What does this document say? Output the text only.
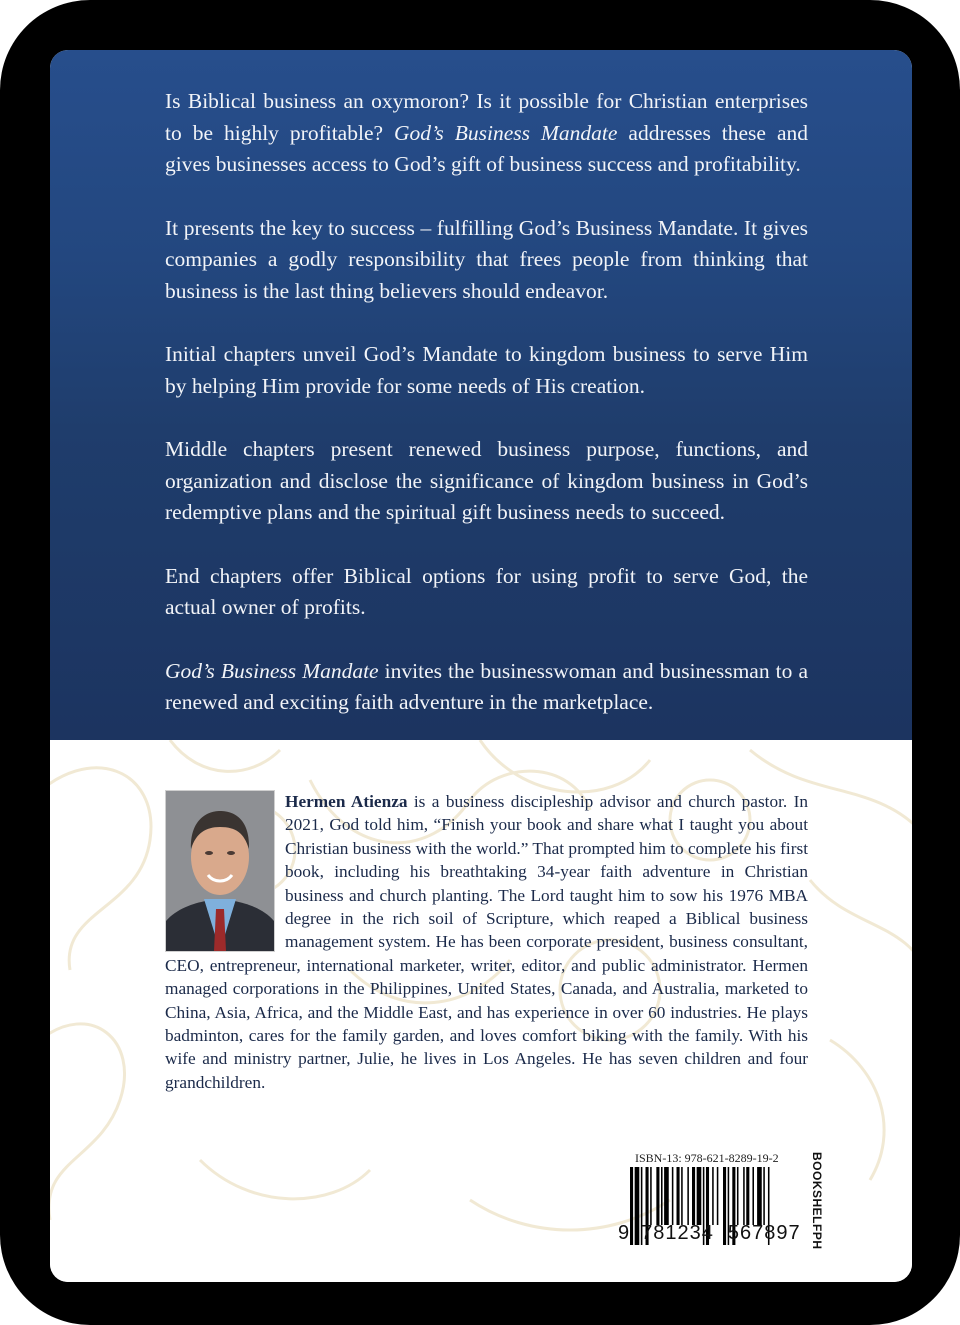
Is Biblical business an oxymoron? Is it possible for Christian enterprises to be highly profitable? God’s Business Mandate addresses these and gives businesses access to God’s gift of business success and profitability.

It presents the key to success – fulfilling God’s Business Mandate. It gives companies a godly responsibility that frees people from thinking that business is the last thing believers should endeavor.

Initial chapters unveil God’s Mandate to kingdom business to serve Him by helping Him provide for some needs of His creation.

Middle chapters present renewed business purpose, functions, and organization and disclose the significance of kingdom business in God’s redemptive plans and the spiritual gift business needs to succeed.

End chapters offer Biblical options for using profit to serve God, the actual owner of profits.

God’s Business Mandate invites the businesswoman and businessman to a renewed and exciting faith adventure in the marketplace.

Hermen Atienza is a business discipleship advisor and church pastor. In 2021, God told him, “Finish your book and share what I taught you about Christian business with the world.” That prompted him to complete his first book, including his breathtaking 34-year faith adventure in Christian business and church planting. The Lord taught him to sow his 1976 MBA degree in the rich soil of Scripture, which reaped a Biblical business management system. He has been corporate president, business consultant, CEO, entrepreneur, international marketer, writer, editor, and public administrator. Hermen managed corporations in the Philippines, United States, Canada, and Australia, marketed to China, Asia, Africa, and the Middle East, and has experience in over 60 industries. He plays badminton, cares for the family garden, and loves comfort biking with the family. With his wife and ministry partner, Julie, he lives in Los Angeles. He has seven children and four grandchildren.
ISBN-13: 978-621-8289-19-2
9 781234 567897 BOOKSHELFPH
